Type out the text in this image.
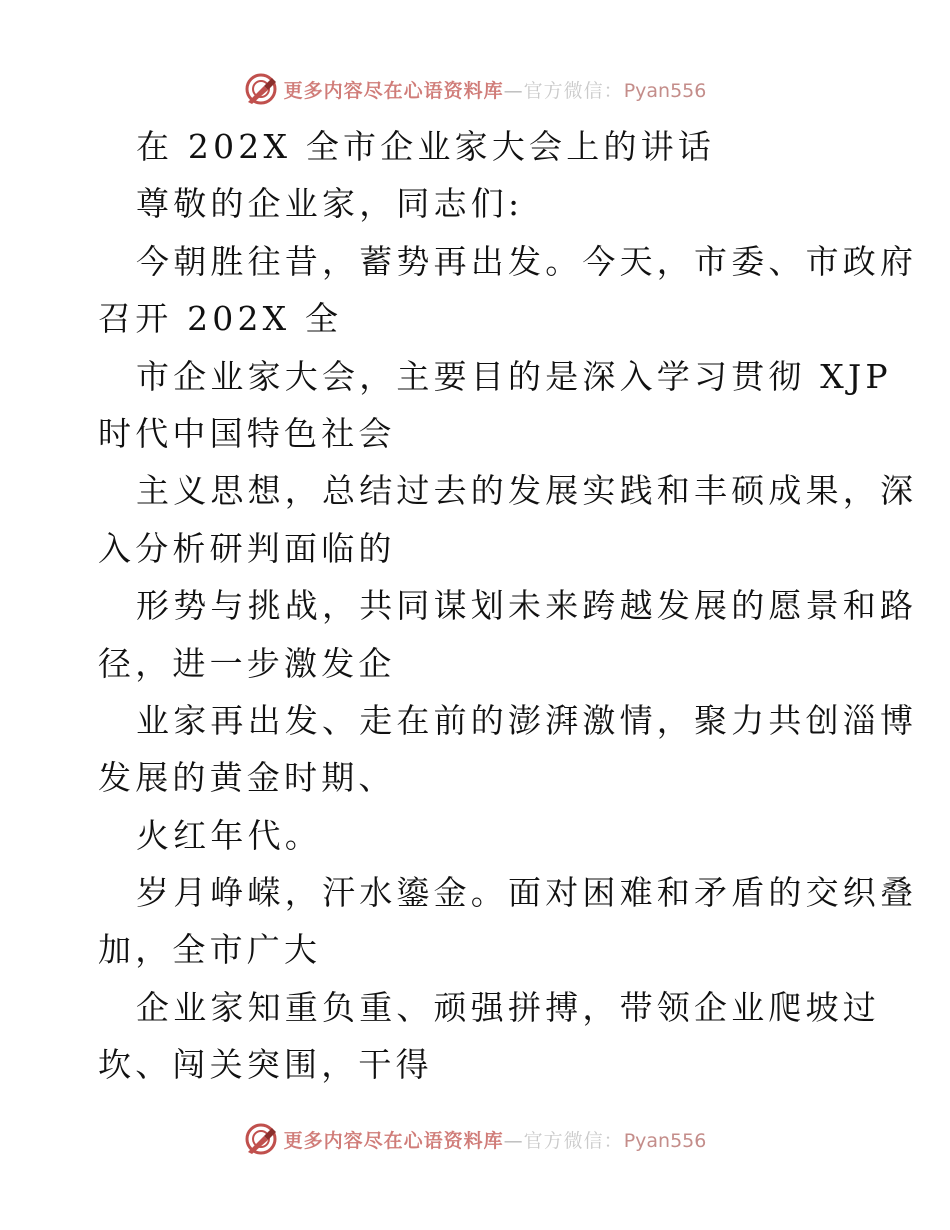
更多内容尽在心语资料库—官方微信：Pyan556
在 202X 全市企业家大会上的讲话
尊敬的企业家，同志们:
今朝胜往昔，蓄势再出发。今天，市委、市政府
召开 202X 全
市企业家大会，主要目的是深入学习贯彻 XJP
时代中国特色社会
主义思想，总结过去的发展实践和丰硕成果，深
入分析研判面临的
形势与挑战，共同谋划未来跨越发展的愿景和路
径，进一步激发企
业家再出发、走在前的澎湃激情，聚力共创淄博
发展的黄金时期、
火红年代。
岁月峥嵘，汗水鎏金。面对困难和矛盾的交织叠
加，全市广大
企业家知重负重、顽强拼搏，带领企业爬坡过
坎、闯关突围，干得
更多内容尽在心语资料库—官方微信：Pyan556
